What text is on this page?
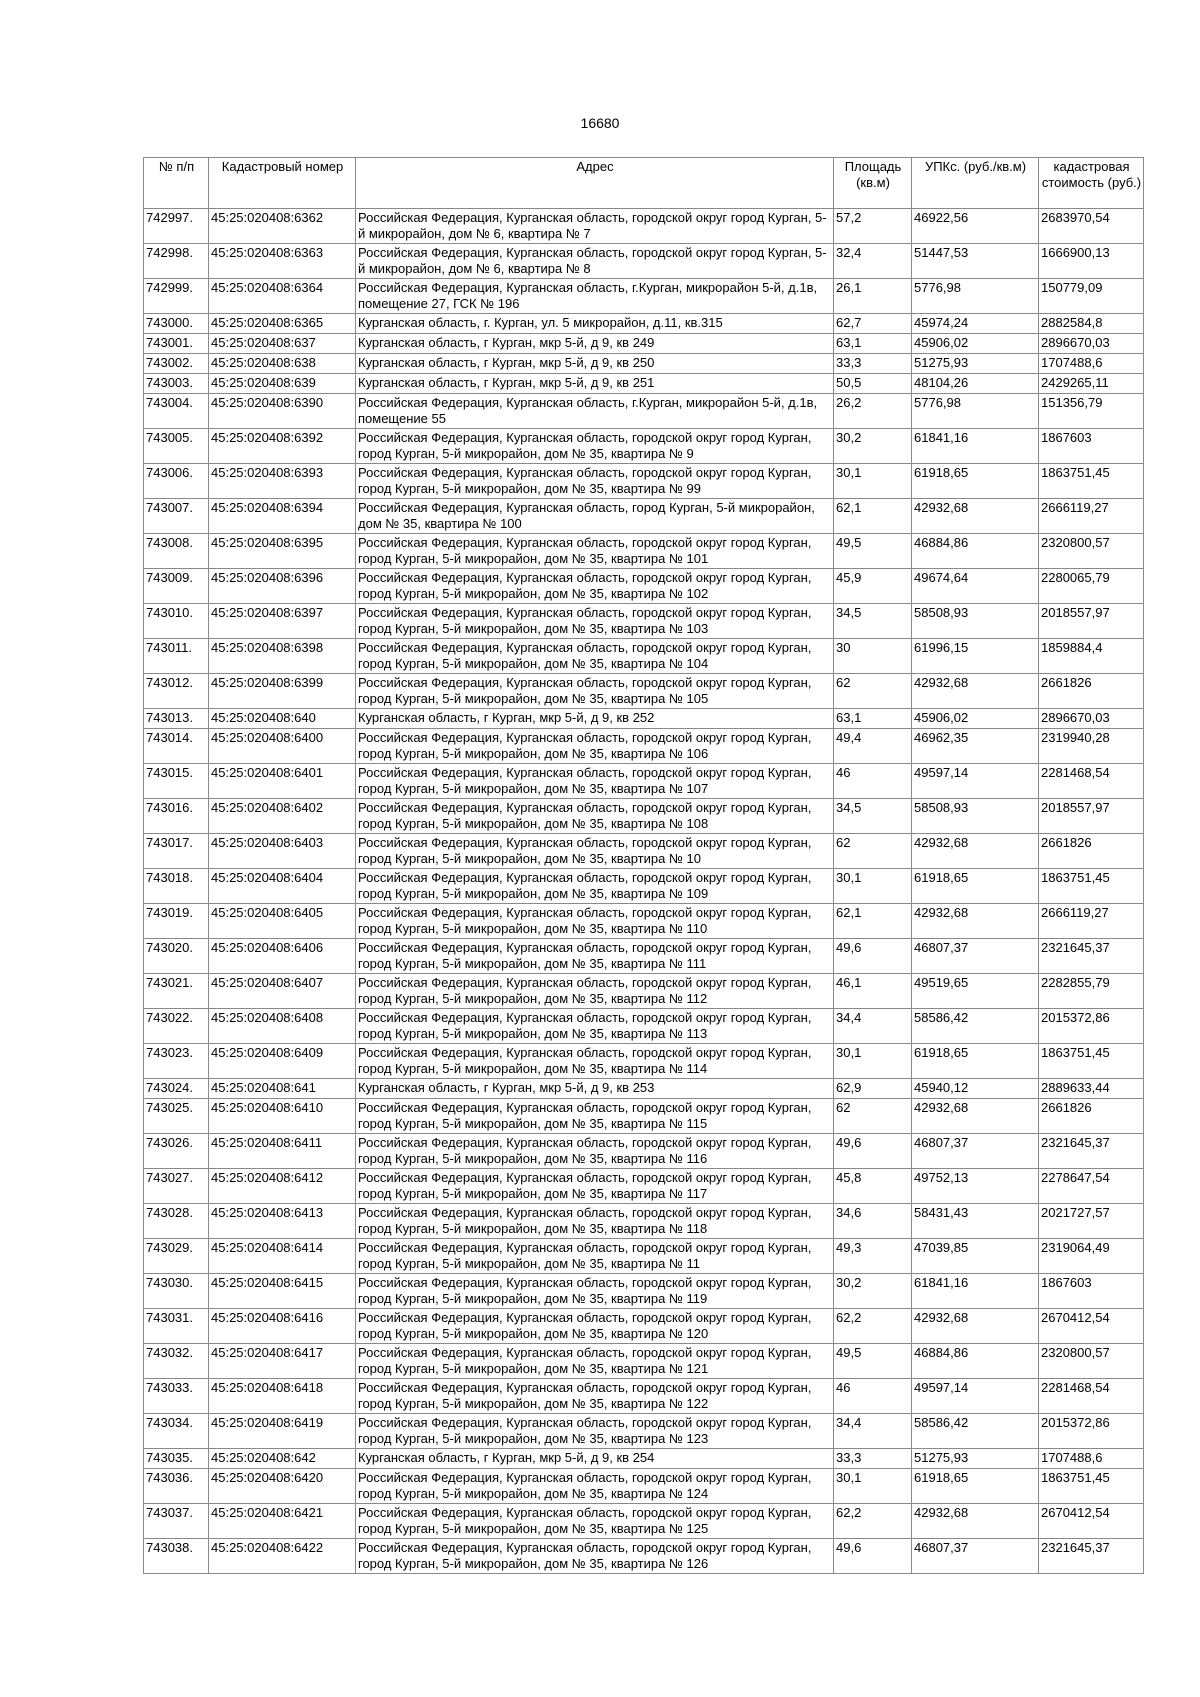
16680
№ п/п	Кадастровый номер	Адрес	Площадь (кв.м)	УПКс. (руб./кв.м)	кадастровая стоимость (руб.)
742997.	45:25:020408:6362	Российская Федерация, Курганская область, городской округ город Курган, 5-й микрорайон, дом № 6, квартира № 7	57,2	46922,56	2683970,54
742998.	45:25:020408:6363	Российская Федерация, Курганская область, городской округ город Курган, 5-й микрорайон, дом № 6, квартира № 8	32,4	51447,53	1666900,13
742999.	45:25:020408:6364	Российская Федерация, Курганская область, г.Курган, микрорайон 5-й, д.1в, помещение 27, ГСК № 196	26,1	5776,98	150779,09
743000.	45:25:020408:6365	Курганская область, г. Курган, ул. 5 микрорайон, д.11, кв.315	62,7	45974,24	2882584,8
743001.	45:25:020408:637	Курганская область, г Курган, мкр 5-й, д 9, кв 249	63,1	45906,02	2896670,03
743002.	45:25:020408:638	Курганская область, г Курган, мкр 5-й, д 9, кв 250	33,3	51275,93	1707488,6
743003.	45:25:020408:639	Курганская область, г Курган, мкр 5-й, д 9, кв 251	50,5	48104,26	2429265,11
743004.	45:25:020408:6390	Российская Федерация, Курганская область, г.Курган, микрорайон 5-й, д.1в, помещение 55	26,2	5776,98	151356,79
743005.	45:25:020408:6392	Российская Федерация, Курганская область, городской округ город Курган, город Курган, 5-й микрорайон, дом № 35, квартира № 9	30,2	61841,16	1867603
743006.	45:25:020408:6393	Российская Федерация, Курганская область, городской округ город Курган, город Курган, 5-й микрорайон, дом № 35, квартира № 99	30,1	61918,65	1863751,45
743007.	45:25:020408:6394	Российская Федерация, Курганская область, город Курган, 5-й микрорайон, дом № 35, квартира № 100	62,1	42932,68	2666119,27
743008.	45:25:020408:6395	Российская Федерация, Курганская область, городской округ город Курган, город Курган, 5-й микрорайон, дом № 35, квартира № 101	49,5	46884,86	2320800,57
743009.	45:25:020408:6396	Российская Федерация, Курганская область, городской округ город Курган, город Курган, 5-й микрорайон, дом № 35, квартира № 102	45,9	49674,64	2280065,79
743010.	45:25:020408:6397	Российская Федерация, Курганская область, городской округ город Курган, город Курган, 5-й микрорайон, дом № 35, квартира № 103	34,5	58508,93	2018557,97
743011.	45:25:020408:6398	Российская Федерация, Курганская область, городской округ город Курган, город Курган, 5-й микрорайон, дом № 35, квартира № 104	30	61996,15	1859884,4
743012.	45:25:020408:6399	Российская Федерация, Курганская область, городской округ город Курган, город Курган, 5-й микрорайон, дом № 35, квартира № 105	62	42932,68	2661826
743013.	45:25:020408:640	Курганская область, г Курган, мкр 5-й, д 9, кв 252	63,1	45906,02	2896670,03
743014.	45:25:020408:6400	Российская Федерация, Курганская область, городской округ город Курган, город Курган, 5-й микрорайон, дом № 35, квартира № 106	49,4	46962,35	2319940,28
743015.	45:25:020408:6401	Российская Федерация, Курганская область, городской округ город Курган, город Курган, 5-й микрорайон, дом № 35, квартира № 107	46	49597,14	2281468,54
743016.	45:25:020408:6402	Российская Федерация, Курганская область, городской округ город Курган, город Курган, 5-й микрорайон, дом № 35, квартира № 108	34,5	58508,93	2018557,97
743017.	45:25:020408:6403	Российская Федерация, Курганская область, городской округ город Курган, город Курган, 5-й микрорайон, дом № 35, квартира № 10	62	42932,68	2661826
743018.	45:25:020408:6404	Российская Федерация, Курганская область, городской округ город Курган, город Курган, 5-й микрорайон, дом № 35, квартира № 109	30,1	61918,65	1863751,45
743019.	45:25:020408:6405	Российская Федерация, Курганская область, городской округ город Курган, город Курган, 5-й микрорайон, дом № 35, квартира № 110	62,1	42932,68	2666119,27
743020.	45:25:020408:6406	Российская Федерация, Курганская область, городской округ город Курган, город Курган, 5-й микрорайон, дом № 35, квартира № 111	49,6	46807,37	2321645,37
743021.	45:25:020408:6407	Российская Федерация, Курганская область, городской округ город Курган, город Курган, 5-й микрорайон, дом № 35, квартира № 112	46,1	49519,65	2282855,79
743022.	45:25:020408:6408	Российская Федерация, Курганская область, городской округ город Курган, город Курган, 5-й микрорайон, дом № 35, квартира № 113	34,4	58586,42	2015372,86
743023.	45:25:020408:6409	Российская Федерация, Курганская область, городской округ город Курган, город Курган, 5-й микрорайон, дом № 35, квартира № 114	30,1	61918,65	1863751,45
743024.	45:25:020408:641	Курганская область, г Курган, мкр 5-й, д 9, кв 253	62,9	45940,12	2889633,44
743025.	45:25:020408:6410	Российская Федерация, Курганская область, городской округ город Курган, город Курган, 5-й микрорайон, дом № 35, квартира № 115	62	42932,68	2661826
743026.	45:25:020408:6411	Российская Федерация, Курганская область, городской округ город Курган, город Курган, 5-й микрорайон, дом № 35, квартира № 116	49,6	46807,37	2321645,37
743027.	45:25:020408:6412	Российская Федерация, Курганская область, городской округ город Курган, город Курган, 5-й микрорайон, дом № 35, квартира № 117	45,8	49752,13	2278647,54
743028.	45:25:020408:6413	Российская Федерация, Курганская область, городской округ город Курган, город Курган, 5-й микрорайон, дом № 35, квартира № 118	34,6	58431,43	2021727,57
743029.	45:25:020408:6414	Российская Федерация, Курганская область, городской округ город Курган, город Курган, 5-й микрорайон, дом № 35, квартира № 11	49,3	47039,85	2319064,49
743030.	45:25:020408:6415	Российская Федерация, Курганская область, городской округ город Курган, город Курган, 5-й микрорайон, дом № 35, квартира № 119	30,2	61841,16	1867603
743031.	45:25:020408:6416	Российская Федерация, Курганская область, городской округ город Курган, город Курган, 5-й микрорайон, дом № 35, квартира № 120	62,2	42932,68	2670412,54
743032.	45:25:020408:6417	Российская Федерация, Курганская область, городской округ город Курган, город Курган, 5-й микрорайон, дом № 35, квартира № 121	49,5	46884,86	2320800,57
743033.	45:25:020408:6418	Российская Федерация, Курганская область, городской округ город Курган, город Курган, 5-й микрорайон, дом № 35, квартира № 122	46	49597,14	2281468,54
743034.	45:25:020408:6419	Российская Федерация, Курганская область, городской округ город Курган, город Курган, 5-й микрорайон, дом № 35, квартира № 123	34,4	58586,42	2015372,86
743035.	45:25:020408:642	Курганская область, г Курган, мкр 5-й, д 9, кв 254	33,3	51275,93	1707488,6
743036.	45:25:020408:6420	Российская Федерация, Курганская область, городской округ город Курган, город Курган, 5-й микрорайон, дом № 35, квартира № 124	30,1	61918,65	1863751,45
743037.	45:25:020408:6421	Российская Федерация, Курганская область, городской округ город Курган, город Курган, 5-й микрорайон, дом № 35, квартира № 125	62,2	42932,68	2670412,54
743038.	45:25:020408:6422	Российская Федерация, Курганская область, городской округ город Курган, город Курган, 5-й микрорайон, дом № 35, квартира № 126	49,6	46807,37	2321645,37
